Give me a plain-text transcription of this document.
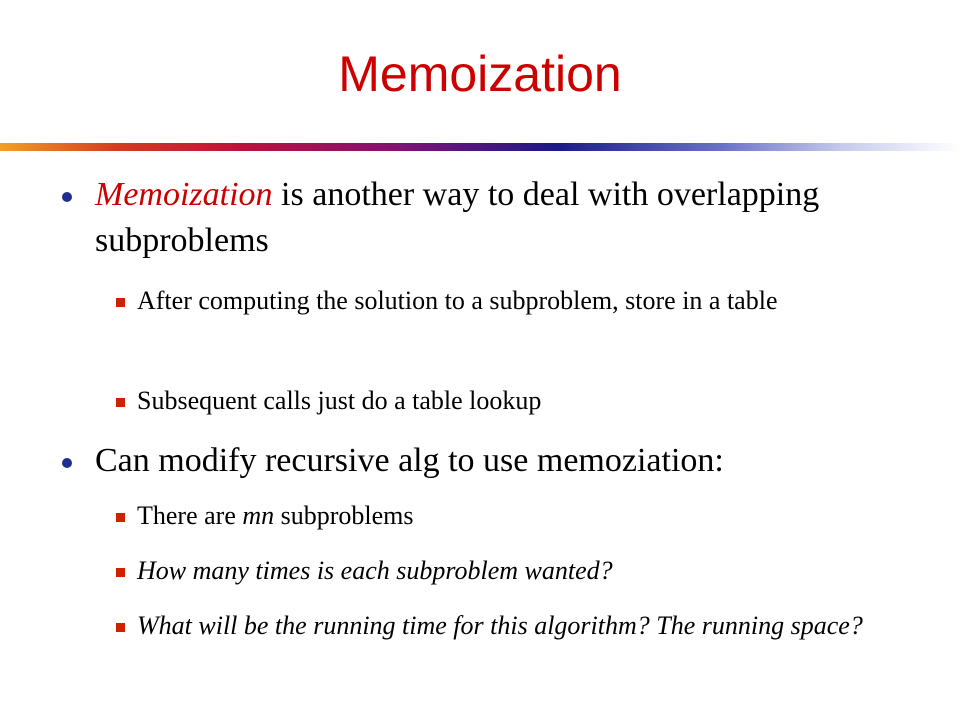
Memoization
Memoization is another way to deal with overlapping subproblems
After computing the solution to a subproblem, store in a table
Subsequent calls just do a table lookup
Can modify recursive alg to use memoziation:
There are mn subproblems
How many times is each subproblem wanted?
What will be the running time for this algorithm? The running space?
